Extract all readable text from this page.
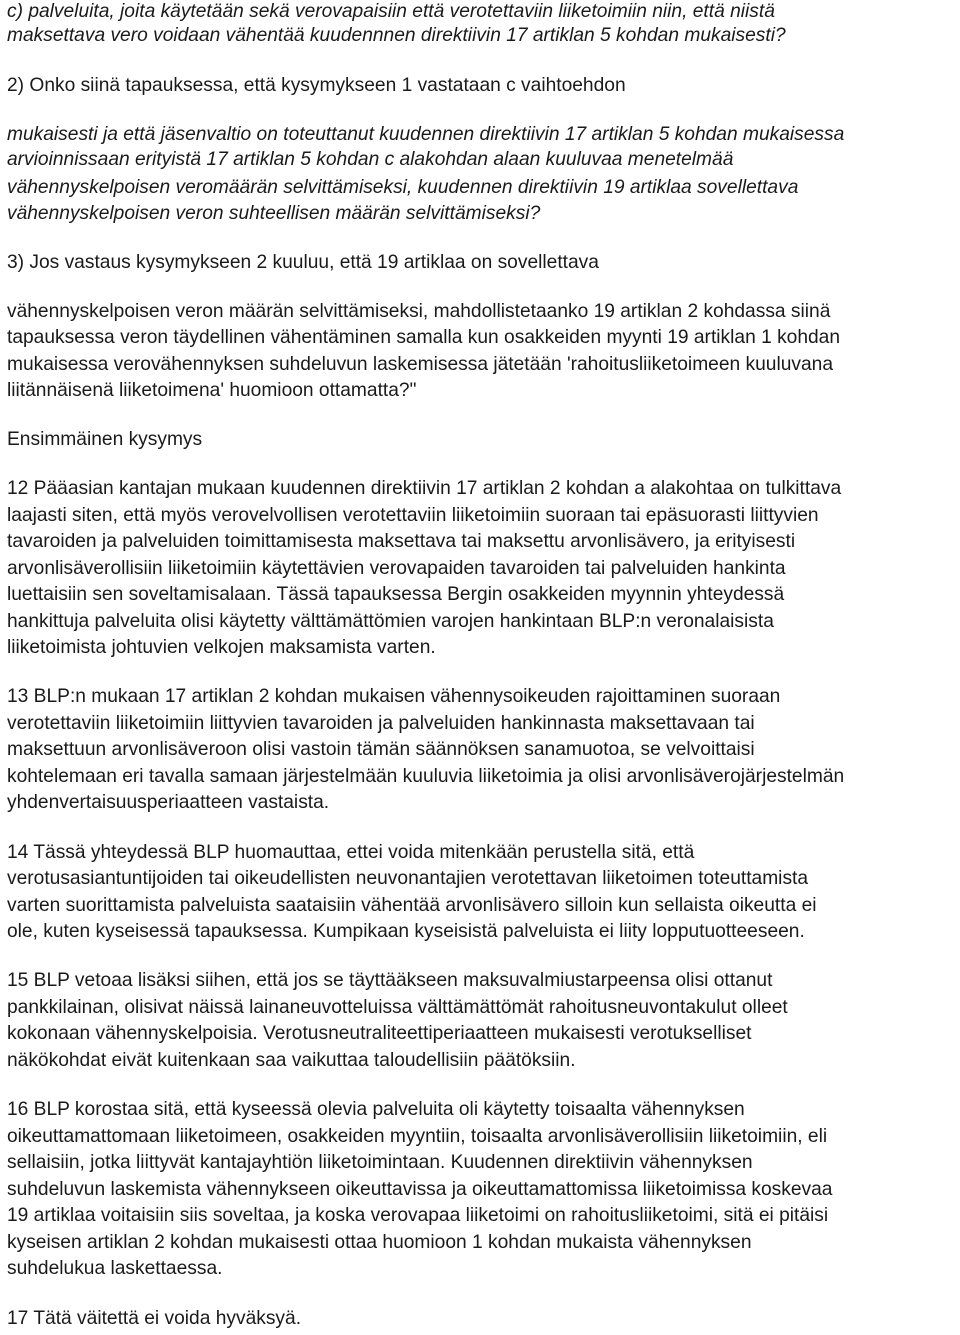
c) palveluita, joita käytetään sekä verovapaisiin että verotettaviin liiketoimiin niin, että niistä
maksettava vero voidaan vähentää kuudennnen direktiivin 17 artiklan 5 kohdan mukaisesti?
2) Onko siinä tapauksessa, että kysymykseen 1 vastataan c vaihtoehdon
mukaisesti ja että jäsenvaltio on toteuttanut kuudennen direktiivin 17 artiklan 5 kohdan mukaisessa
arvioinnissaan erityistä 17 artiklan 5 kohdan c alakohdan alaan kuuluvaa menetelmää
vähennyskelpoisen veromäärän selvittämiseksi, kuudennen direktiivin 19 artiklaa sovellettava
vähennyskelpoisen veron suhteellisen määrän selvittämiseksi?
3) Jos vastaus kysymykseen 2 kuuluu, että 19 artiklaa on sovellettava
vähennyskelpoisen veron määrän selvittämiseksi, mahdollistetaanko 19 artiklan 2 kohdassa siinä
tapauksessa veron täydellinen vähentäminen samalla kun osakkeiden myynti 19 artiklan 1 kohdan
mukaisessa verovähennyksen suhdeluvun laskemisessa jätetään 'rahoitusliiketoimeen kuuluvana
liitännäisenä liiketoimena' huomioon ottamatta?"
Ensimmäinen kysymys
12 Pääasian kantajan mukaan kuudennen direktiivin 17 artiklan 2 kohdan a alakohtaa on tulkittava
laajasti siten, että myös verovelvollisen verotettaviin liiketoimiin suoraan tai epäsuorasti liittyvien
tavaroiden ja palveluiden toimittamisesta maksettava tai maksettu arvonlisävero, ja erityisesti
arvonlisäverollisiin liiketoimiin käytettävien verovapaiden tavaroiden tai palveluiden hankinta
luettaisiin sen soveltamisalaan. Tässä tapauksessa Bergin osakkeiden myynnin yhteydessä
hankittuja palveluita olisi käytetty välttämättömien varojen hankintaan BLP:n veronalaisista
liiketoimista johtuvien velkojen maksamista varten.
13 BLP:n mukaan 17 artiklan 2 kohdan mukaisen vähennysoikeuden rajoittaminen suoraan
verotettaviin liiketoimiin liittyvien tavaroiden ja palveluiden hankinnasta maksettavaan tai
maksettuun arvonlisäveroon olisi vastoin tämän säännöksen sanamuotoa, se velvoittaisi
kohtelemaan eri tavalla samaan järjestelmään kuuluvia liiketoimia ja olisi arvonlisäverojärjestelmän
yhdenvertaisuusperiaatteen vastaista.
14 Tässä yhteydessä BLP huomauttaa, ettei voida mitenkään perustella sitä, että
verotusasiantuntijoiden tai oikeudellisten neuvonantajien verotettavan liiketoimen toteuttamista
varten suorittamista palveluista saataisiin vähentää arvonlisävero silloin kun sellaista oikeutta ei
ole, kuten kyseisessä tapauksessa. Kumpikaan kyseisistä palveluista ei liity lopputuotteeseen.
15 BLP vetoaa lisäksi siihen, että jos se täyttääkseen maksuvalmiustarpeensa olisi ottanut
pankkilainan, olisivat näissä lainaneuvotteluissa välttämättömät rahoitusneuvontakulut olleet
kokonaan vähennyskelpoisia. Verotusneutraliteettiperiaatteen mukaisesti verotukselliset
näkökohdat eivät kuitenkaan saa vaikuttaa taloudellisiin päätöksiin.
16 BLP korostaa sitä, että kyseessä olevia palveluita oli käytetty toisaalta vähennyksen
oikeuttamattomaan liiketoimeen, osakkeiden myyntiin, toisaalta arvonlisäverollisiin liiketoimiin, eli
sellaisiin, jotka liittyvät kantajayhtiön liiketoimintaan. Kuudennen direktiivin vähennyksen
suhdeluvun laskemista vähennykseen oikeuttavissa ja oikeuttamattomissa liiketoimissa koskevaa
19 artiklaa voitaisiin siis soveltaa, ja koska verovapaa liiketoimi on rahoitusliiketoimi, sitä ei pitäisi
kyseisen artiklan 2 kohdan mukaisesti ottaa huomioon 1 kohdan mukaista vähennyksen
suhdelukua laskettaessa.
17 Tätä väitettä ei voida hyväksyä.
